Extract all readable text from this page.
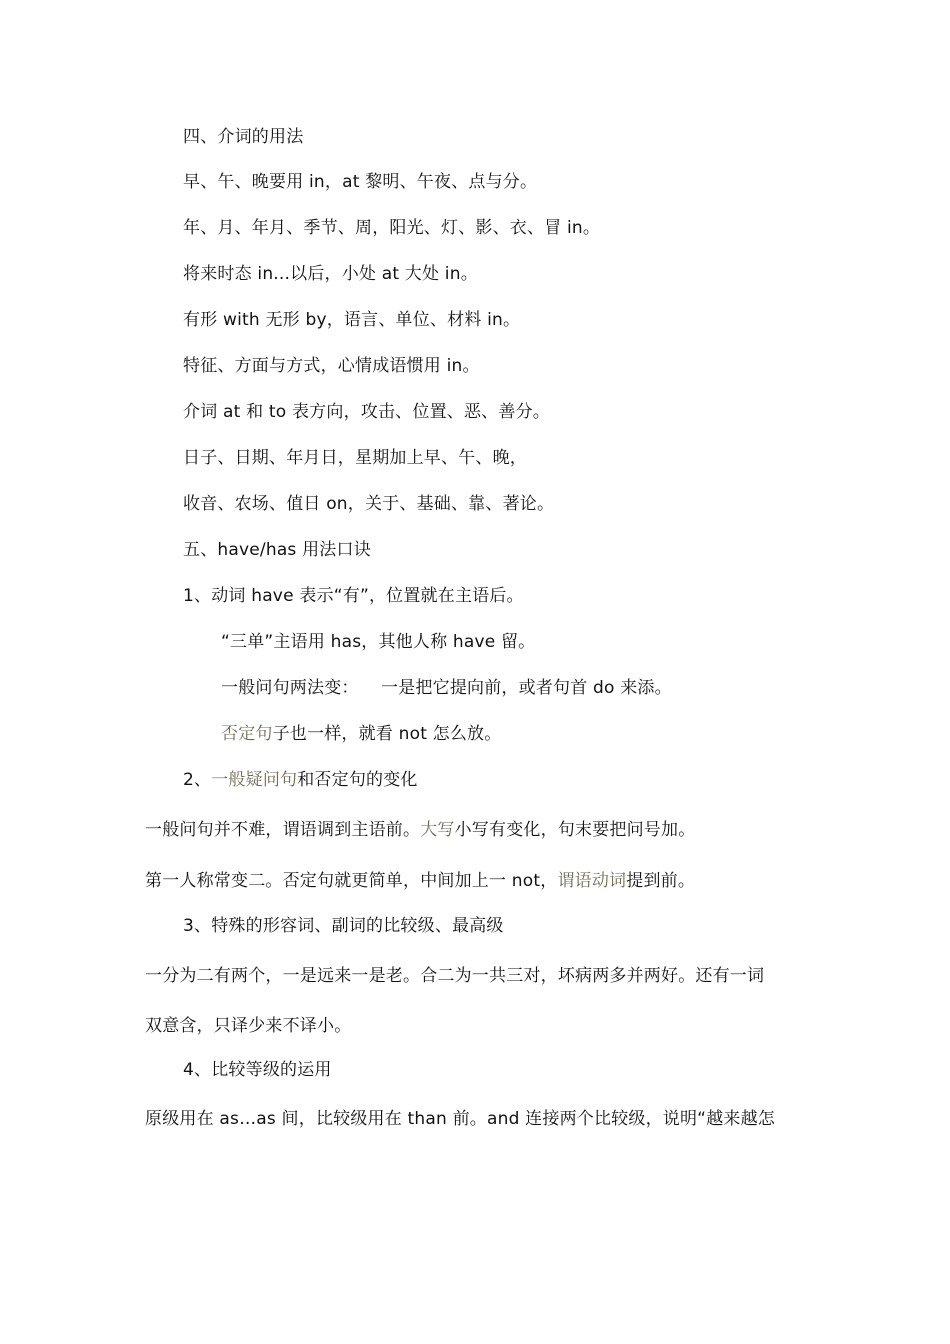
四、介词的用法
早、午、晚要用 in，at 黎明、午夜、点与分。
年、月、年月、季节、周，阳光、灯、影、衣、冒 in。
将来时态 in...以后，小处 at 大处 in。
有形 with 无形 by，语言、单位、材料 in。
特征、方面与方式，心情成语惯用 in。
介词 at 和 to 表方向，攻击、位置、恶、善分。
日子、日期、年月日，星期加上早、午、晚，
收音、农场、值日 on，关于、基础、靠、著论。
五、have/has 用法口诀
1、动词 have 表示“有”，位置就在主语后。
“三单”主语用 has，其他人称 have 留。
一般问句两法变：    一是把它提向前，或者句首 do 来添。
否定句子也一样，就看 not 怎么放。
2、一般疑问句和否定句的变化
一般问句并不难，谓语调到主语前。大写小写有变化，句末要把问号加。
第一人称常变二。否定句就更简单，中间加上一 not，谓语动词提到前。
3、特殊的形容词、副词的比较级、最高级
一分为二有两个，一是远来一是老。合二为一共三对，坏病两多并两好。还有一词
双意含，只译少来不译小。
4、比较等级的运用
原级用在 as…as 间，比较级用在 than 前。and 连接两个比较级，说明“越来越怎
